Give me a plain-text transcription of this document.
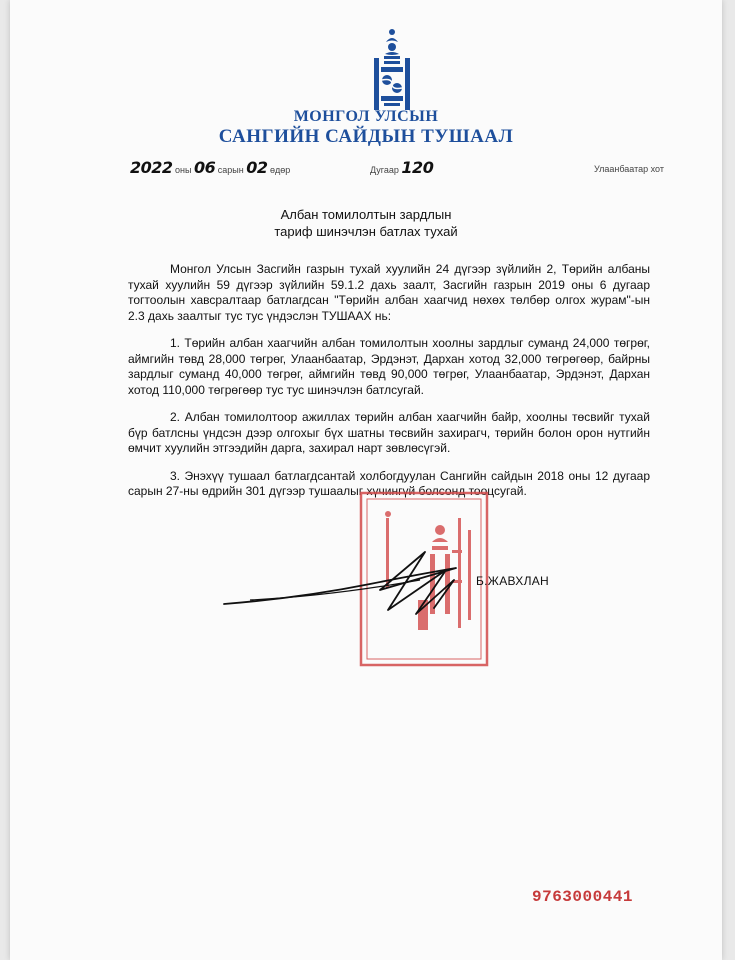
МОНГОЛ УЛСЫН
САНГИЙН САЙДЫН ТУШААЛ
2022 оны 06 сарын 02 өдөр	Дугаар 120	Улаанбаатар хот
Албан томилолтын зардлын
тариф шинэчлэн батлах тухай

Монгол Улсын Засгийн газрын тухай хуулийн 24 дүгээр зүйлийн 2, Төрийн албаны тухай хуулийн 59 дүгээр зүйлийн 59.1.2 дахь заалт, Засгийн газрын 2019 оны 6 дугаар тогтоолын хавсралтаар батлагдсан "Төрийн албан хаагчид нөхөх төлбөр олгох журам"-ын 2.3 дахь заалтыг тус тус үндэслэн ТУШААХ нь:

1. Төрийн албан хаагчийн албан томилолтын хоолны зардлыг суманд 24,000 төгрөг, аймгийн төвд 28,000 төгрөг, Улаанбаатар, Эрдэнэт, Дархан хотод 32,000 төгрөгөөр, байрны зардлыг суманд 40,000 төгрөг, аймгийн төвд 90,000 төгрөг, Улаанбаатар, Эрдэнэт, Дархан хотод 110,000 төгрөгөөр тус тус шинэчлэн батлсугай.

2. Албан томилолтоор ажиллах төрийн албан хаагчийн байр, хоолны төсвийг тухай бүр батлсны үндсэн дээр олгохыг бүх шатны төсвийн захирагч, төрийн болон орон нутгийн өмчит хуулийн этгээдийн дарга, захирал нарт зөвлөсүгэй.

3. Энэхүү тушаал батлагдсантай холбогдуулан Сангийн сайдын 2018 оны 12 дугаар сарын 27-ны өдрийн 301 дүгээр тушаалыг хүчингүй болсонд тооцсугай.

Б.ЖАВХЛАН
9763000441
